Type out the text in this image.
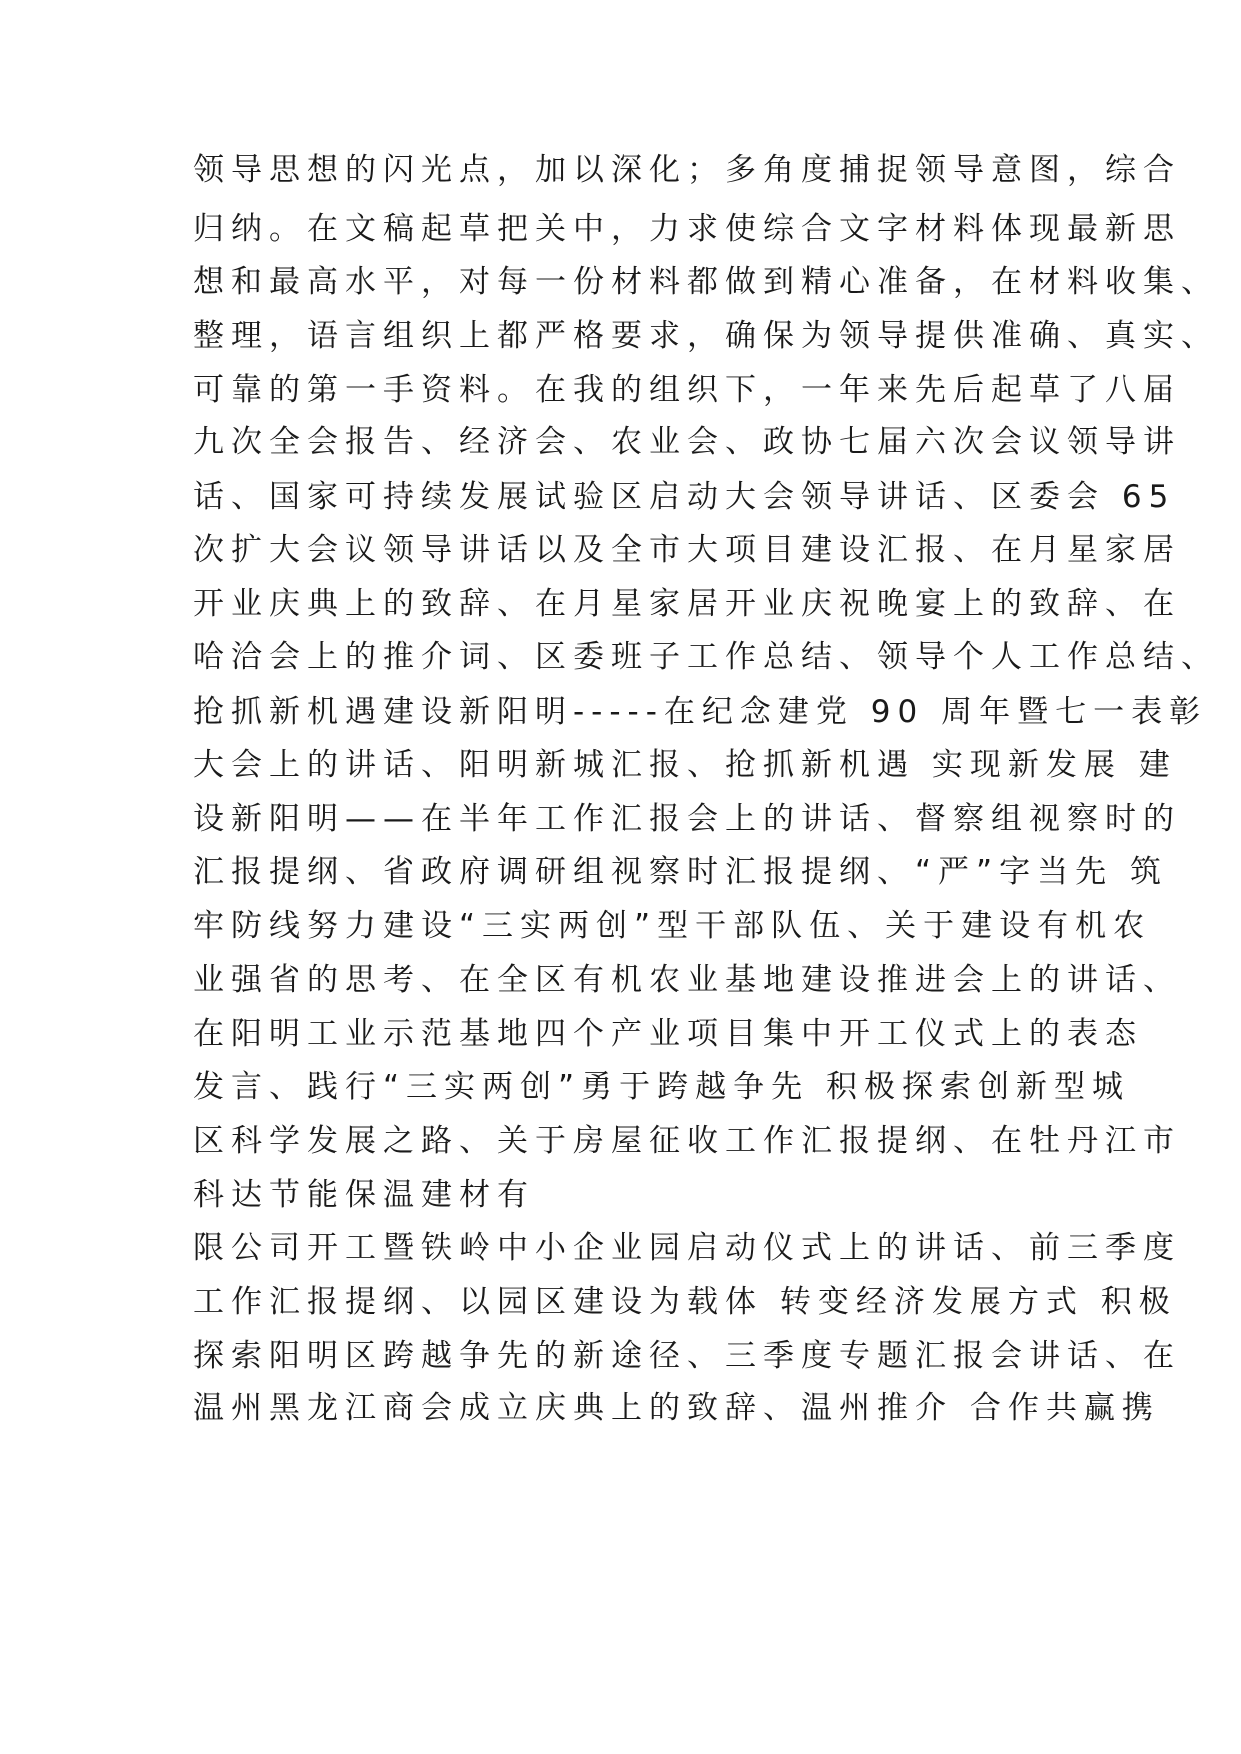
领导思想的闪光点，加以深化；多角度捕捉领导意图，综合

归纳。在文稿起草把关中，力求使综合文字材料体现最新思

想和最高水平，对每一份材料都做到精心准备，在材料收集、

整理，语言组织上都严格要求，确保为领导提供准确、真实、

可靠的第一手资料。在我的组织下，一年来先后起草了八届

九次全会报告、经济会、农业会、政协七届六次会议领导讲

话、国家可持续发展试验区启动大会领导讲话、区委会 65

次扩大会议领导讲话以及全市大项目建设汇报、在月星家居

开业庆典上的致辞、在月星家居开业庆祝晚宴上的致辞、在

哈洽会上的推介词、区委班子工作总结、领导个人工作总结、

抢抓新机遇建设新阳明-----在纪念建党 90 周年暨七一表彰

大会上的讲话、阳明新城汇报、抢抓新机遇 实现新发展 建

设新阳明——在半年工作汇报会上的讲话、督察组视察时的

汇报提纲、省政府调研组视察时汇报提纲、“严”字当先 筑

牢防线努力建设“三实两创”型干部队伍、关于建设有机农

业强省的思考、在全区有机农业基地建设推进会上的讲话、

在阳明工业示范基地四个产业项目集中开工仪式上的表态

发言、践行“三实两创”勇于跨越争先 积极探索创新型城

区科学发展之路、关于房屋征收工作汇报提纲、在牡丹江市

科达节能保温建材有

限公司开工暨铁岭中小企业园启动仪式上的讲话、前三季度

工作汇报提纲、以园区建设为载体 转变经济发展方式 积极

探索阳明区跨越争先的新途径、三季度专题汇报会讲话、在

温州黑龙江商会成立庆典上的致辞、温州推介 合作共赢携
